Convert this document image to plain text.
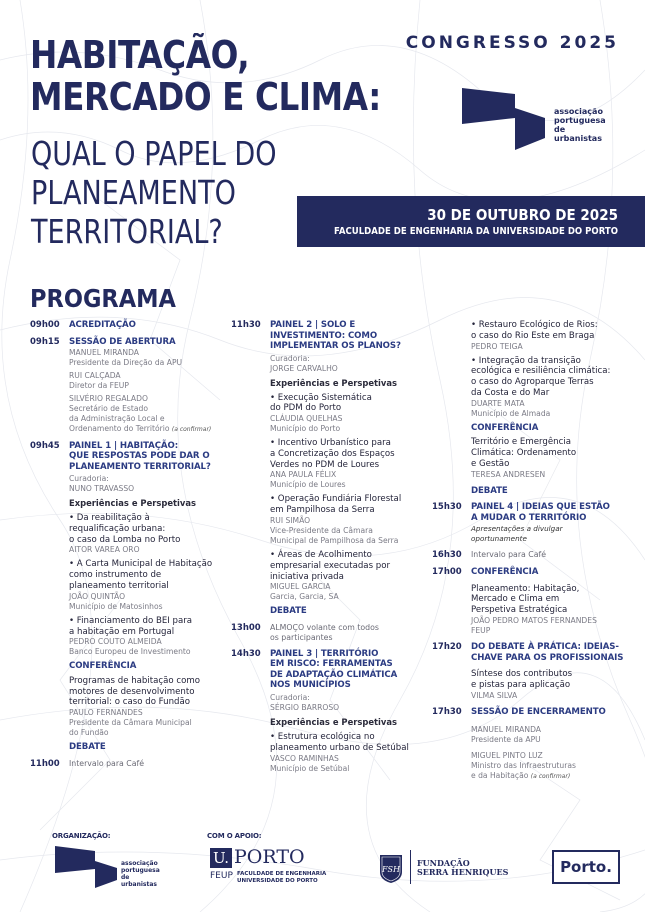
HABITAÇÃO,
MERCADO E CLIMA:
QUAL O PAPEL DO
PLANEAMENTO
TERRITORIAL?
CONGRESSO 2025
associação
portuguesa
de urbanistas
30 DE OUTUBRO DE 2025
FACULDADE DE ENGENHARIA DA UNIVERSIDADE DO PORTO
PROGRAMA
09h00	ACREDITAÇÃO
09h15	SESSÃO DE ABERTURA
MANUEL MIRANDA
Presidente da Direção da APU
RUI CALÇADA
Diretor da FEUP
SILVÉRIO REGALADO
Secretário de Estado
da Administração Local e
Ordenamento do Território (a confirmar)
09h45	PAINEL 1 | HABITAÇÃO:
QUE RESPOSTAS PODE DAR O
PLANEAMENTO TERRITORIAL?
Curadoria:
NUNO TRAVASSO
Experiências e Perspetivas
• Da reabilitação à
requalificação urbana:
o caso da Lomba no Porto
AITOR VAREA ORO
• A Carta Municipal de Habitação
como instrumento de
planeamento territorial
JOÃO QUINTÃO
Município de Matosinhos
• Financiamento do BEI para
a habitação em Portugal
PEDRO COUTO ALMEIDA
Banco Europeu de Investimento
CONFERÊNCIA
Programas de habitação como
motores de desenvolvimento
territorial: o caso do Fundão
PAULO FERNANDES
Presidente da Câmara Municipal
do Fundão
DEBATE
11h00	Intervalo para Café
11h30	PAINEL 2 | SOLO E
INVESTIMENTO: COMO
IMPLEMENTAR OS PLANOS?
Curadoria:
JORGE CARVALHO
Experiências e Perspetivas
• Execução Sistemática
do PDM do Porto
CLÁUDIA QUELHAS
Município do Porto
• Incentivo Urbanístico para
a Concretização dos Espaços
Verdes no PDM de Loures
ANA PAULA FÉLIX
Município de Loures
• Operação Fundiária Florestal
em Pampilhosa da Serra
RUI SIMÃO
Vice-Presidente da Câmara
Municipal de Pampilhosa da Serra
• Áreas de Acolhimento
empresarial executadas por
iniciativa privada
MIGUEL GARCIA
Garcia, Garcia, SA
DEBATE
13h00	ALMOÇO volante com todos
os participantes
14h30	PAINEL 3 | TERRITÓRIO
EM RISCO: FERRAMENTAS
DE ADAPTAÇÃO CLIMÁTICA
NOS MUNICÍPIOS
Curadoria:
SÉRGIO BARROSO
Experiências e Perspetivas
• Estrutura ecológica no
planeamento urbano de Setúbal
VASCO RAMINHAS
Município de Setúbal
• Restauro Ecológico de Rios:
o caso do Rio Este em Braga
PEDRO TEIGA
• Integração da transição
ecológica e resiliência climática:
o caso do Agroparque Terras
da Costa e do Mar
DUARTE MATA
Município de Almada
CONFERÊNCIA
Território e Emergência
Climática: Ordenamento
e Gestão
TERESA ANDRESEN
DEBATE
15h30	PAINEL 4 | IDEIAS QUE ESTÃO
A MUDAR O TERRITÓRIO
Apresentações a divulgar
oportunamente
16h30	Intervalo para Café
17h00	CONFERÊNCIA
Planeamento: Habitação,
Mercado e Clima em
Perspetiva Estratégica
JOÃO PEDRO MATOS FERNANDES
FEUP
17h20	DO DEBATE À PRÁTICA: IDEIAS-
CHAVE PARA OS PROFISSIONAIS
Síntese dos contributos
e pistas para aplicação
VILMA SILVA
17h30	SESSÃO DE ENCERRAMENTO
MANUEL MIRANDA
Presidente da APU
MIGUEL PINTO LUZ
Ministro das Infraestruturas
e da Habitação (a confirmar)
ORGANIZAÇÃO:	COM O APOIO:
associação
portuguesa
de urbanistas
U. PORTO
FEUP FACULDADE DE ENGENHARIA
UNIVERSIDADE DO PORTO
FSH
FUNDAÇÃO
SERRA HENRIQUES	Porto.
